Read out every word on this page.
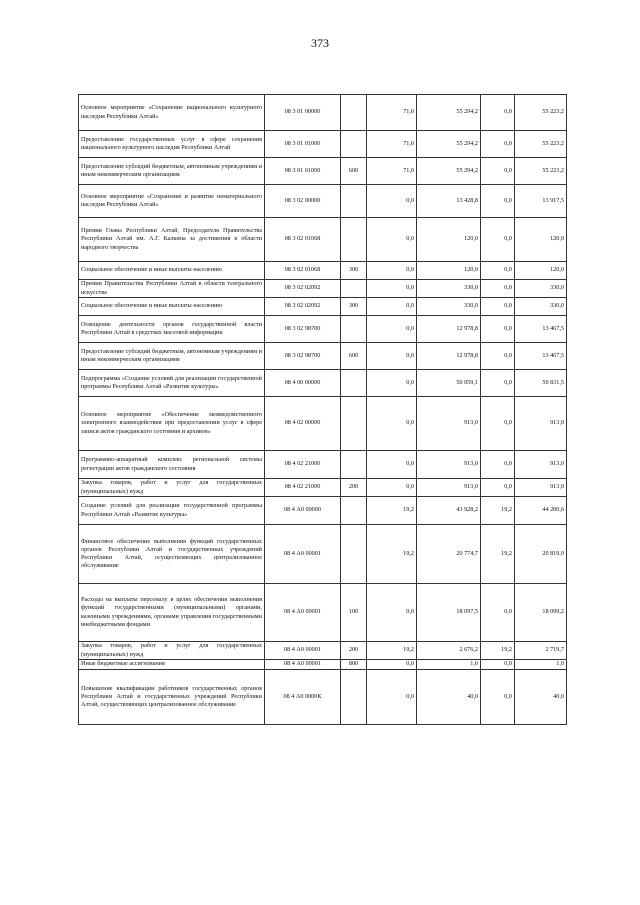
373
Основное мероприятие «Сохранение национального культурного наследия Республики Алтай»	08 3 01 00000		71,0	55 294,2	0,0	55 223,2
Предоставление государственных услуг в сфере сохранения национального культурного наследия Республики Алтай	08 3 01 01000		71,0	55 294,2	0,0	55 223,2
Предоставление субсидий бюджетным, автономным учреждениям и иным некоммерческим организациям	08 3 01 01000	600	71,0	55 294,2	0,0	55 223,2
Основное мероприятие «Сохранение и развитие нематериального наследия Республики Алтай»	08 3 02 00000		0,0	13 428,8	0,0	13 917,5
Премии Главы Республики Алтай, Председателя Правительства Республики Алтай им. А.Г. Калкина за достижения в области народного творчества	08 3 02 01068		0,0	120,0	0,0	120,0
Социальное обеспечение и иные выплаты населению	08 3 02 01068	300	0,0	120,0	0,0	120,0
Премии Правительства Республики Алтай в области театрального искусства	08 3 02 02092		0,0	330,0	0,0	330,0
Социальное обеспечение и иные выплаты населению	08 3 02 02092	300	0,0	330,0	0,0	330,0
Освещение деятельности органов государственной власти Республики Алтай в средствах массовой информации	08 3 02 98700		0,0	12 978,8	0,0	13 467,5
Предоставление субсидий бюджетным, автономным учреждениям и иным некоммерческим организациям	08 3 02 98700	600	0,0	12 978,8	0,0	13 467,5
Подпрограмма «Создание условий для реализации государственной программы Республики Алтай «Развитие культуры»	08 4 00 00000		0,0	50 059,1	0,0	50 831,5
Основное мероприятие «Обеспечение межведомственного электронного взаимодействия при предоставлении услуг в сфере записи актов гражданского состояния и архивов»	08 4 02 00000		0,0	913,0	0,0	913,0
Программно-аппаратный комплекс региональной системы регистрации актов гражданского состояния	08 4 02 21000		0,0	913,0	0,0	913,0
Закупка товаров, работ и услуг для государственных (муниципальных) нужд	08 4 02 21000	200	0,0	913,0	0,0	913,0
Создание условий для реализации государственной программы Республики Алтай «Развитие культуры»	08 4 А0 00000		19,2	43 928,2	19,2	44 200,6
Финансовое обеспечение выполнения функций государственных органов Республики Алтай и государственных учреждений Республики Алтай, осуществляющих централизованное обслуживание	08 4 А0 00001		19,2	20 774,7	19,2	20 819,9
Расходы на выплаты персоналу в целях обеспечения выполнения функций государственными (муниципальными) органами, казенными учреждениями, органами управления государственными внебюджетными фондами	08 4 А0 00001	100	0,0	18 097,5	0,0	18 099,2
Закупка товаров, работ и услуг для государственных (муниципальных) нужд	08 4 А0 00001	200	19,2	2 676,2	19,2	2 719,7
Иные бюджетные ассигнования	08 4 А0 00001	800	0,0	1,0	0,0	1,0
Повышение квалификации работников государственных органов Республики Алтай и государственных учреждений Республики Алтай, осуществляющих централизованное обслуживание	08 4 А0 0000К		0,0	40,0	0,0	40,0
